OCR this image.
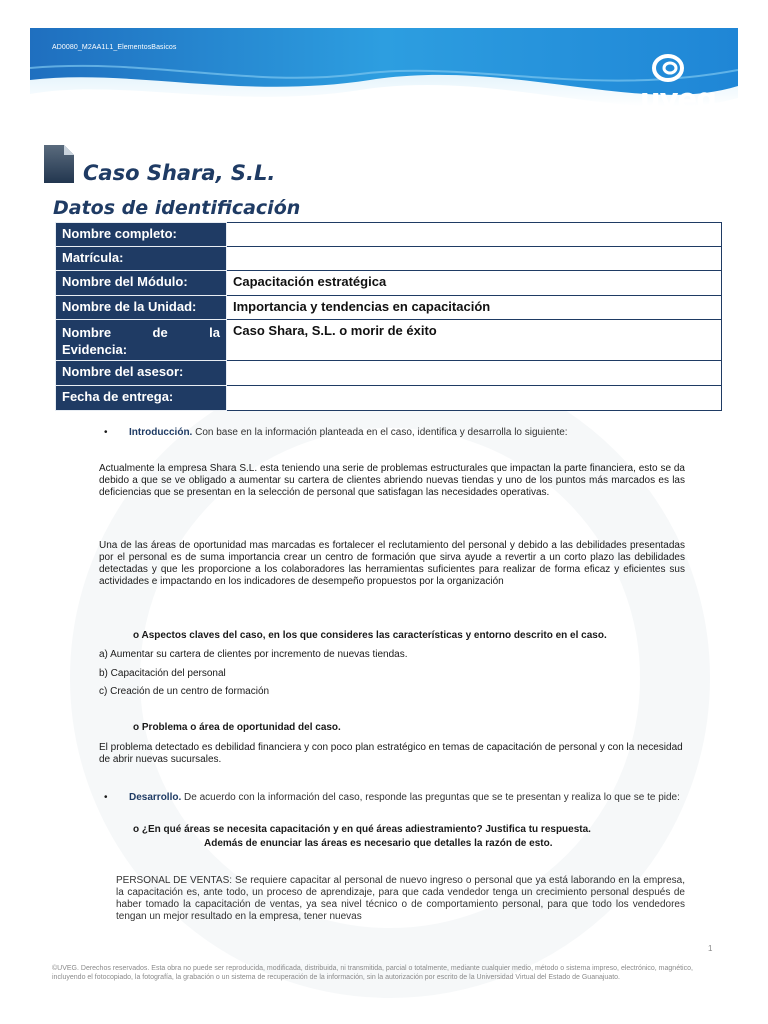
AD0080_M2AA1L1_ElementosBasicos
uveg
universidad virtual del estado de guanajuato
Caso Shara, S.L.
Datos de identificación
Nombre completo:	
Matrícula:	
Nombre del Módulo:	Capacitación estratégica
Nombre de la Unidad:	Importancia y tendencias en capacitación

Nombre de la
Evidencia:	Caso Shara, S.L. o morir de éxito
Nombre del asesor:	
Fecha de entrega:	
• Introducción. Con base en la información planteada en el caso, identifica y desarrolla lo siguiente:
Actualmente la empresa Shara S.L. esta teniendo una serie de problemas estructurales que impactan la parte financiera, esto se da debido a que se ve obligado a aumentar su cartera de clientes abriendo nuevas tiendas y uno de los puntos más marcados es las deficiencias que se presentan en la selección de personal que satisfagan las necesidades operativas.
Una de las áreas de oportunidad mas marcadas es fortalecer el reclutamiento del personal y debido a las debilidades presentadas por el personal es de suma importancia crear un centro de formación que sirva ayude a revertir a un corto plazo las debilidades detectadas y que les proporcione a los colaboradores las herramientas suficientes para realizar de forma eficaz y eficientes sus actividades e impactando en los indicadores de desempeño propuestos por la organización
o Aspectos claves del caso, en los que consideres las características y entorno descrito en el caso.
a) Aumentar su cartera de clientes por incremento de nuevas tiendas.
b) Capacitación del personal
c) Creación de un centro de formación
o Problema o área de oportunidad del caso.
El problema detectado es debilidad financiera y con poco plan estratégico en temas de capacitación de personal y con la necesidad de abrir nuevas sucursales.
• Desarrollo. De acuerdo con la información del caso, responde las preguntas que se te presentan y realiza lo que se te pide:
o ¿En qué áreas se necesita capacitación y en qué áreas adiestramiento? Justifica tu respuesta.
Además de enunciar las áreas es necesario que detalles la razón de esto.
PERSONAL DE VENTAS: Se requiere capacitar al personal de nuevo ingreso o personal que ya está laborando en la empresa, la capacitación es, ante todo, un proceso de aprendizaje, para que cada vendedor tenga un crecimiento personal después de haber tomado la capacitación de ventas, ya sea nivel técnico o de comportamiento personal, para que todo los vendedores tengan un mejor resultado en la empresa, tener nuevas
1
©UVEG. Derechos reservados. Esta obra no puede ser reproducida, modificada, distribuida, ni transmitida, parcial o totalmente, mediante cualquier medio, método o sistema impreso, electrónico, magnético, incluyendo el fotocopiado, la fotografía, la grabación o un sistema de recuperación de la información, sin la autorización por escrito de la Universidad Virtual del Estado de Guanajuato.
